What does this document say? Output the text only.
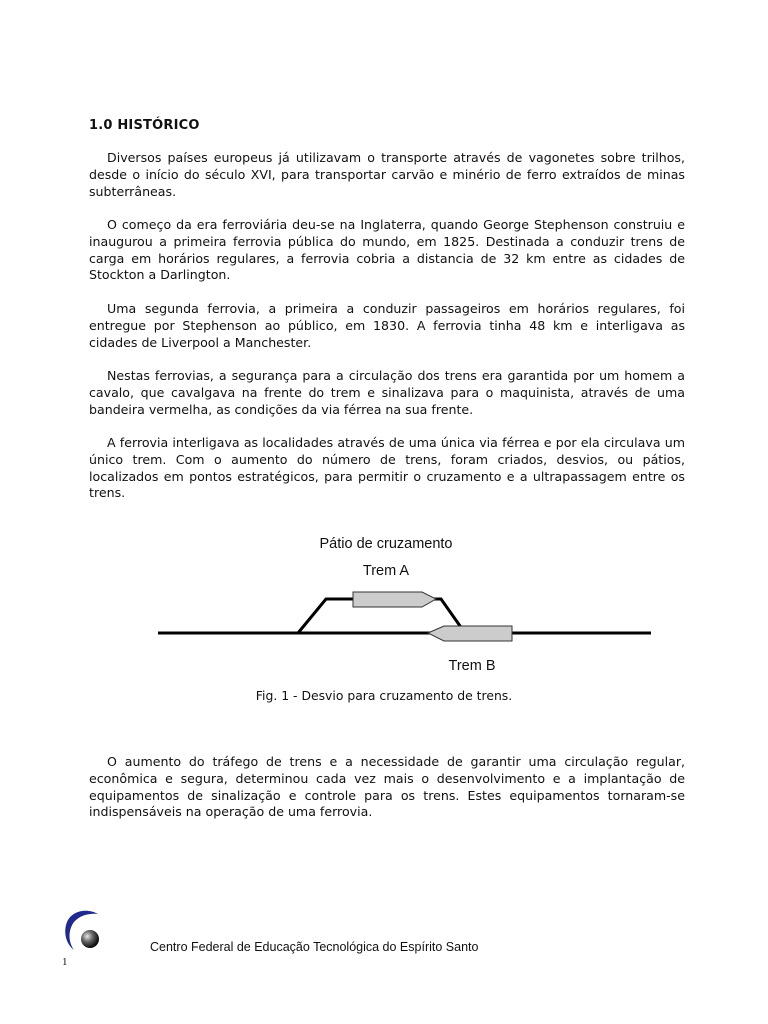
1.0 HISTÓRICO

Diversos países europeus já utilizavam o transporte através de vagonetes sobre trilhos, desde o início do século XVI, para transportar carvão e minério de ferro extraídos de minas subterrâneas.

O começo da era ferroviária deu-se na Inglaterra, quando George Stephenson construiu e inaugurou a primeira ferrovia pública do mundo, em 1825. Destinada a conduzir trens de carga em horários regulares, a ferrovia cobria a distancia de 32 km entre as cidades de Stockton a Darlington.

Uma segunda ferrovia, a primeira a conduzir passageiros em horários regulares, foi entregue por Stephenson ao público, em 1830. A ferrovia tinha 48 km e interligava as cidades de Liverpool a Manchester.

Nestas ferrovias, a segurança para a circulação dos trens era garantida por um homem a cavalo, que cavalgava na frente do trem e sinalizava para o maquinista, através de uma bandeira vermelha, as condições da via férrea na sua frente.

A ferrovia interligava as localidades através de uma única via férrea e por ela circulava um único trem. Com o aumento do número de trens, foram criados, desvios, ou pátios, localizados em pontos estratégicos, para permitir o cruzamento e a ultrapassagem entre os trens.

Pátio de cruzamento
Trem A
Trem B
Fig. 1 - Desvio para cruzamento de trens.

O aumento do tráfego de trens e a necessidade de garantir uma circulação regular, econômica e segura, determinou cada vez mais o desenvolvimento e a implantação de equipamentos de sinalização e controle para os trens. Estes equipamentos tornaram-se indispensáveis na operação de uma ferrovia.

Centro Federal de Educação Tecnológica do Espírito Santo
1
